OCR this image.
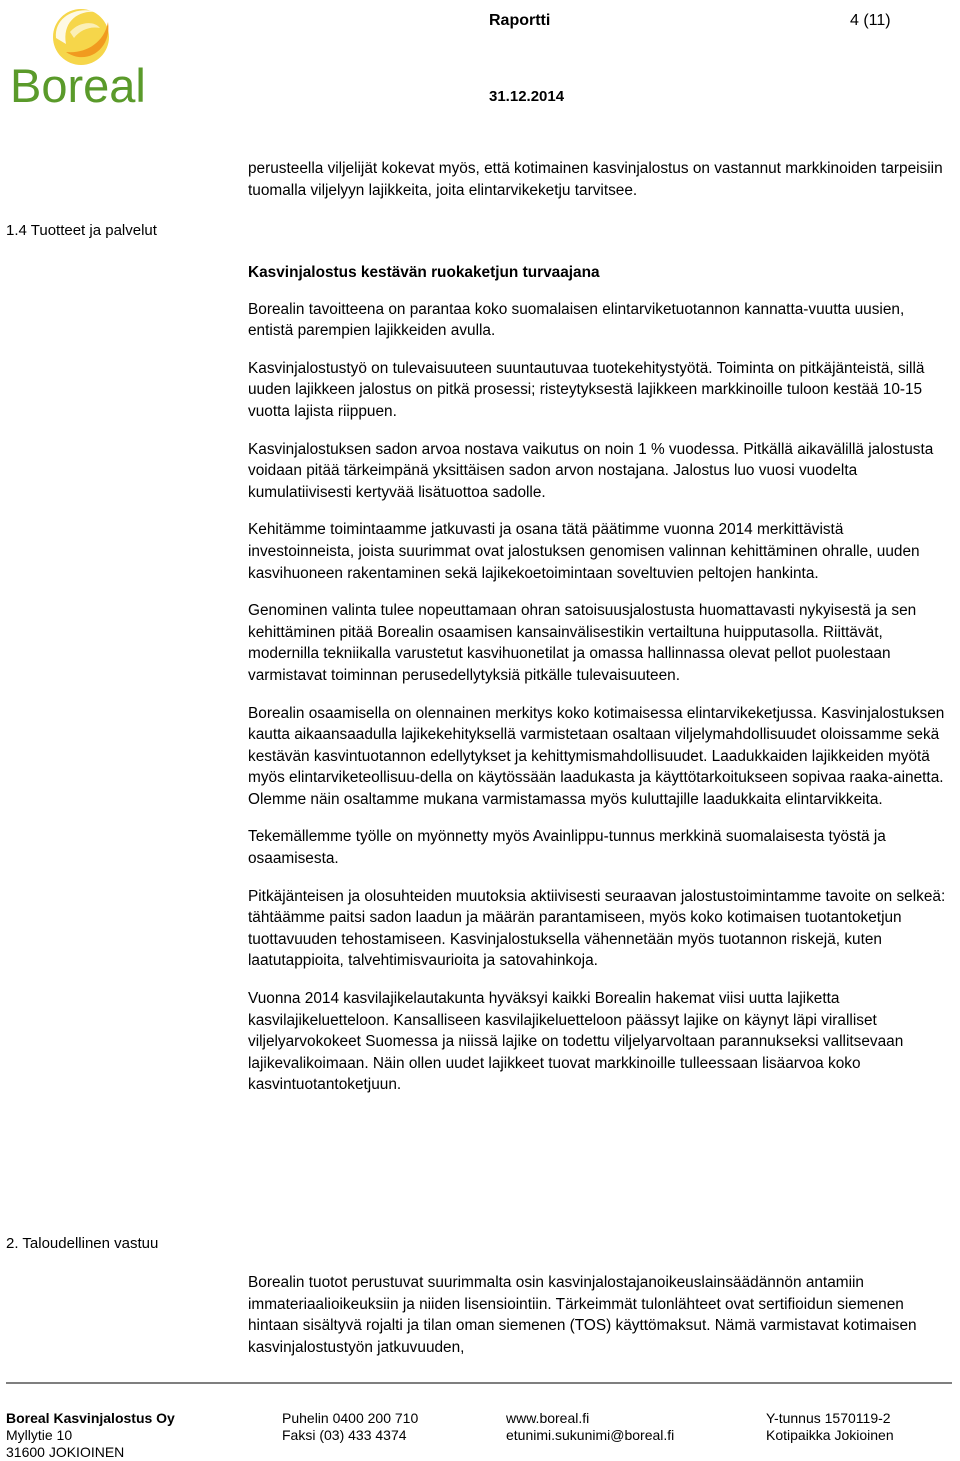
Boreal
Raportti	4 (11)
31.12.2014
1.4 Tuotteet ja palvelut
2. Taloudellinen vastuu

perusteella viljelijät kokevat myös, että kotimainen kasvinjalostus on vastannut markkinoiden tarpeisiin tuomalla viljelyyn lajikkeita, joita elintarvikeketju tarvitsee.

Kasvinjalostus kestävän ruokaketjun turvaajana

Borealin tavoitteena on parantaa koko suomalaisen elintarviketuotannon kannatta-vuutta uusien, entistä parempien lajikkeiden avulla.

Kasvinjalostustyö on tulevaisuuteen suuntautuvaa tuotekehitystyötä. Toiminta on pitkäjänteistä, sillä uuden lajikkeen jalostus on pitkä prosessi; risteytyksestä lajikkeen markkinoille tuloon kestää 10-15 vuotta lajista riippuen.

Kasvinjalostuksen sadon arvoa nostava vaikutus on noin 1 % vuodessa. Pitkällä aikavälillä jalostusta voidaan pitää tärkeimpänä yksittäisen sadon arvon nostajana. Jalostus luo vuosi vuodelta kumulatiivisesti kertyvää lisätuottoa sadolle.

Kehitämme toimintaamme jatkuvasti ja osana tätä päätimme vuonna 2014 merkittävistä investoinneista, joista suurimmat ovat jalostuksen genomisen valinnan kehittäminen ohralle, uuden kasvihuoneen rakentaminen sekä lajikekoetoimintaan soveltuvien peltojen hankinta.

Genominen valinta tulee nopeuttamaan ohran satoisuusjalostusta huomattavasti nykyisestä ja sen kehittäminen pitää Borealin osaamisen kansainvälisestikin vertailtuna huipputasolla. Riittävät, modernilla tekniikalla varustetut kasvihuonetilat ja omassa hallinnassa olevat pellot puolestaan varmistavat toiminnan perusedellytyksiä pitkälle tulevaisuuteen.

Borealin osaamisella on olennainen merkitys koko kotimaisessa elintarvikeketjussa. Kasvinjalostuksen kautta aikaansaadulla lajikekehityksellä varmistetaan osaltaan viljelymahdollisuudet oloissamme sekä kestävän kasvintuotannon edellytykset ja kehittymismahdollisuudet. Laadukkaiden lajikkeiden myötä myös elintarviketeollisuu-della on käytössään laadukasta ja käyttötarkoitukseen sopivaa raaka-ainetta. Olemme näin osaltamme mukana varmistamassa myös kuluttajille laadukkaita elintarvikkeita.

Tekemällemme työlle on myönnetty myös Avainlippu-tunnus merkkinä suomalaisesta työstä ja osaamisesta.

Pitkäjänteisen ja olosuhteiden muutoksia aktiivisesti seuraavan jalostustoimintamme tavoite on selkeä: tähtäämme paitsi sadon laadun ja määrän parantamiseen, myös koko kotimaisen tuotantoketjun tuottavuuden tehostamiseen. Kasvinjalostuksella vähennetään myös tuotannon riskejä, kuten laatutappioita, talvehtimisvaurioita ja satovahinkoja.

Vuonna 2014 kasvilajikelautakunta hyväksyi kaikki Borealin hakemat viisi uutta lajiketta kasvilajikeluetteloon. Kansalliseen kasvilajikeluetteloon päässyt lajike on käynyt läpi viralliset viljelyarvokokeet Suomessa ja niissä lajike on todettu viljelyarvoltaan parannukseksi vallitsevaan lajikevalikoimaan. Näin ollen uudet lajikkeet tuovat markkinoille tulleessaan lisäarvoa koko kasvintuotantoketjuun.

Borealin tuotot perustuvat suurimmalta osin kasvinjalostajanoikeuslainsäädännön antamiin immateriaalioikeuksiin ja niiden lisensiointiin. Tärkeimmät tulonlähteet ovat sertifioidun siemenen hintaan sisältyvä rojalti ja tilan oman siemenen (TOS) käyttömaksut. Nämä varmistavat kotimaisen kasvinjalostustyön jatkuvuuden,

Boreal Kasvinjalostus Oy
Myllytie 10
31600 JOKIOINEN
Puhelin 0400 200 710
Faksi (03) 433 4374
www.boreal.fi
etunimi.sukunimi@boreal.fi
Y-tunnus 1570119-2
Kotipaikka Jokioinen
